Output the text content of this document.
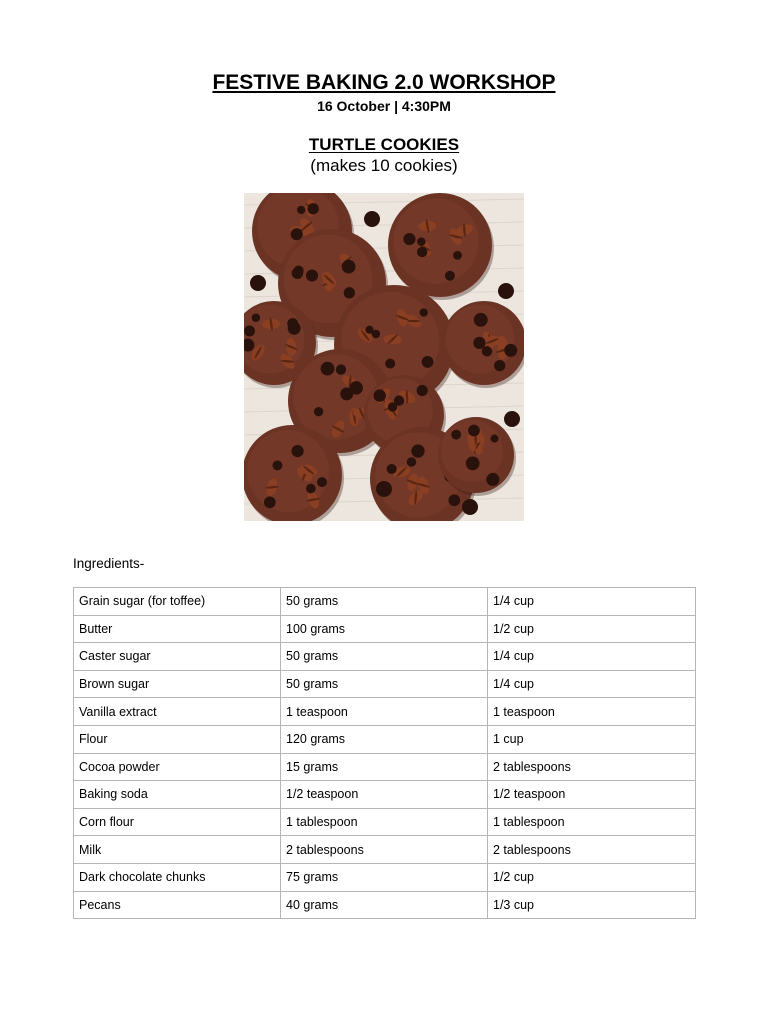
FESTIVE BAKING 2.0 WORKSHOP
16 October | 4:30PM
TURTLE COOKIES
(makes 10 cookies)
Ingredients-
Grain sugar (for toffee)	50 grams	1/4 cup
Butter	100 grams	1/2 cup
Caster sugar	50 grams	1/4 cup
Brown sugar	50 grams	1/4 cup
Vanilla extract	1 teaspoon	1 teaspoon
Flour	120 grams	1 cup
Cocoa powder	15 grams	2 tablespoons
Baking soda	1/2 teaspoon	1/2 teaspoon
Corn flour	1 tablespoon	1 tablespoon
Milk	2 tablespoons	2 tablespoons
Dark chocolate chunks	75 grams	1/2 cup
Pecans	40 grams	1/3 cup
